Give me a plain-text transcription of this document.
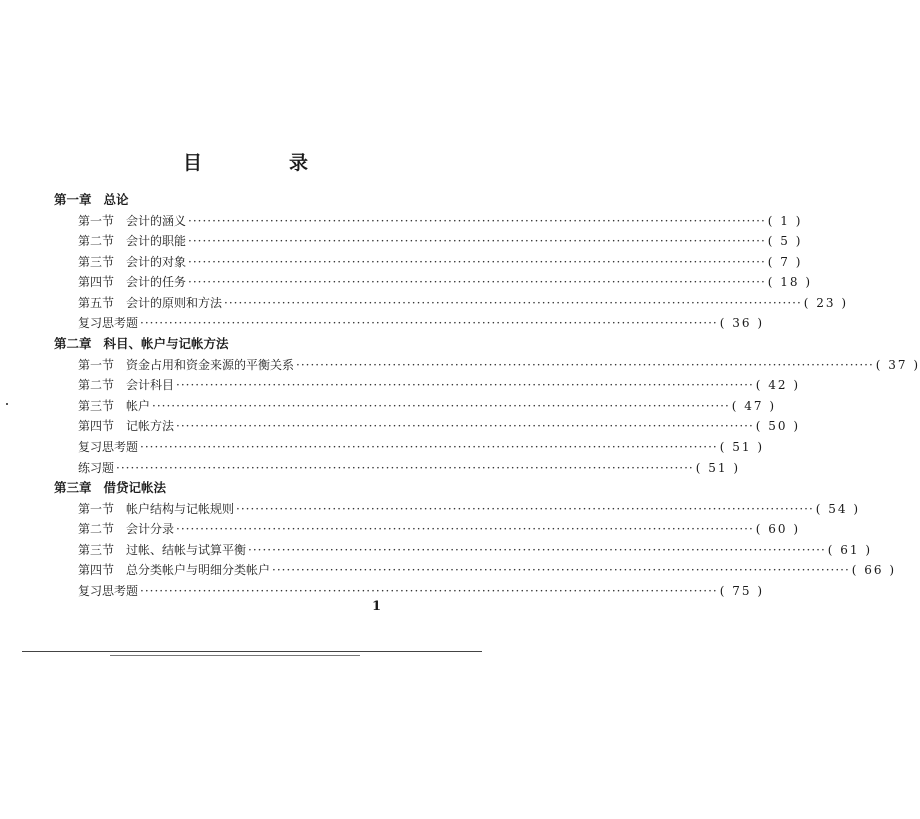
目　录
第一章 总论
第一节 会计的涵义 ························································································································ ( 1 )
第二节 会计的职能 ························································································································ ( 5 )
第三节 会计的对象 ························································································································ ( 7 )
第四节 会计的任务 ························································································································ ( 18 )
第五节 会计的原则和方法 ························································································································ ( 23 )
复习思考题 ························································································································ ( 36 )
第二章 科目、帐户与记帐方法
第一节 资金占用和资金来源的平衡关系 ························································································································ ( 37 )
第二节 会计科目 ························································································································ ( 42 )
第三节 帐户 ························································································································ ( 47 )
第四节 记帐方法 ························································································································ ( 50 )
复习思考题 ························································································································ ( 51 )
练习题 ························································································································ ( 51 )
第三章 借贷记帐法
第一节 帐户结构与记帐规则 ························································································································ ( 54 )
第二节 会计分录 ························································································································ ( 60 )
第三节 过帐、结帐与试算平衡 ························································································································ ( 61 )
第四节 总分类帐户与明细分类帐户 ························································································································ ( 66 )
复习思考题 ························································································································ ( 75 )
1
